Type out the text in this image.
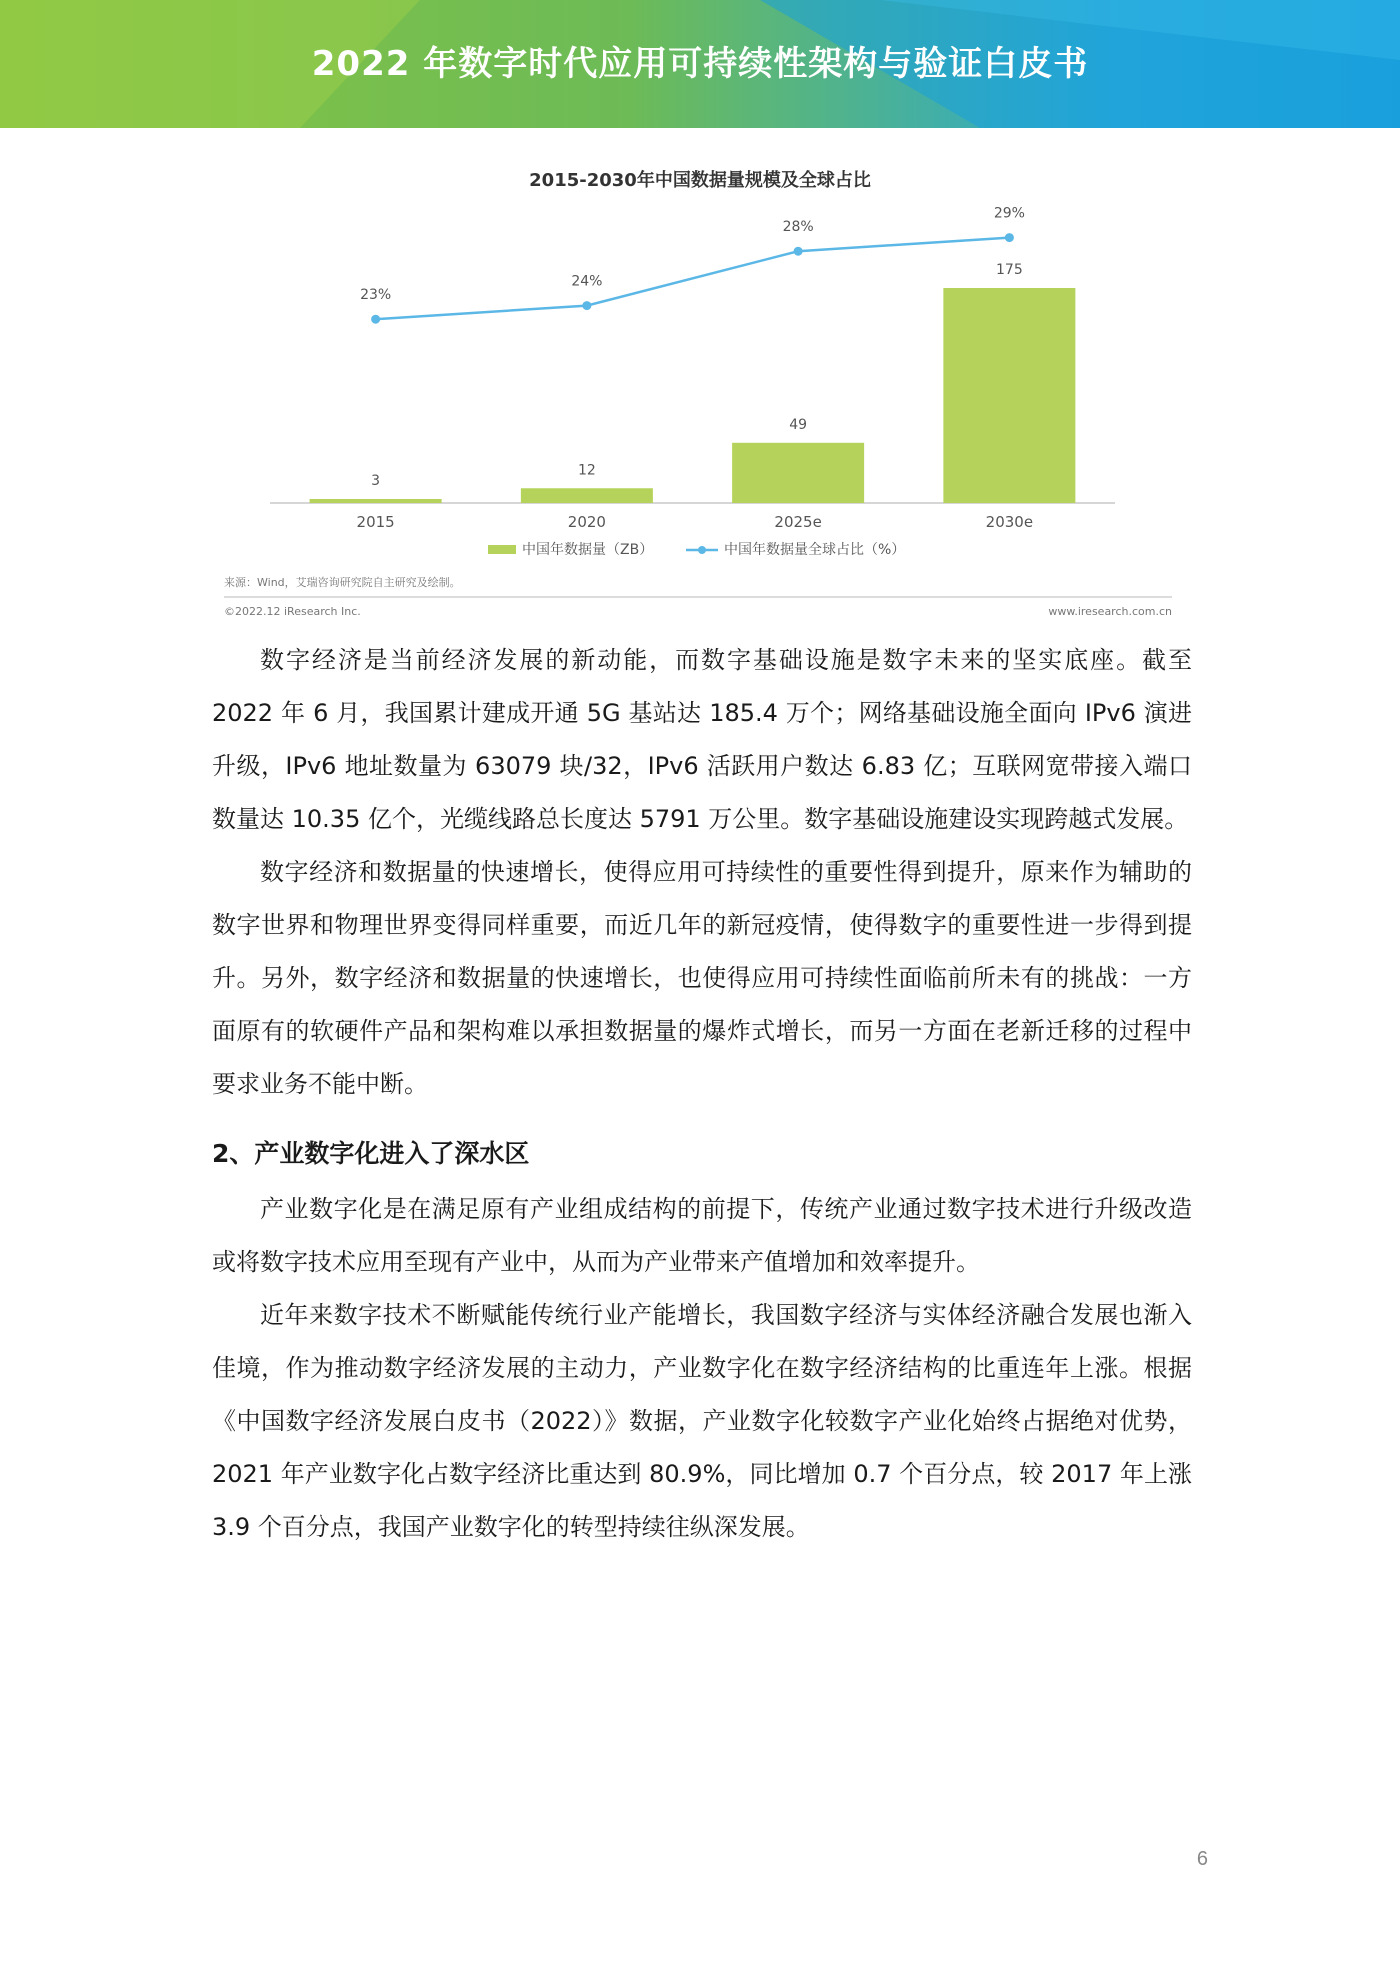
2022 年数字时代应用可持续性架构与验证白皮书
2015-2030年中国数据量规模及全球占比
3
2015
12
2020
49
2025e
175
2030e
23%
24%
28%
29%
中国年数据量（ZB）	中国年数据量全球占比（%）
来源：Wind，艾瑞咨询研究院自主研究及绘制。
©2022.12 iResearch Inc.	www.iresearch.com.cn

数字经济是当前经济发展的新动能，而数字基础设施是数字未来的坚实底座。截至 2022 年 6 月，我国累计建成开通 5G 基站达 185.4 万个；网络基础设施全面向 IPv6 演进升级，IPv6 地址数量为 63079 块/32，IPv6 活跃用户数达 6.83 亿；互联网宽带接入端口数量达 10.35 亿个，光缆线路总长度达 5791 万公里。数字基础设施建设实现跨越式发展。

数字经济和数据量的快速增长，使得应用可持续性的重要性得到提升，原来作为辅助的数字世界和物理世界变得同样重要，而近几年的新冠疫情，使得数字的重要性进一步得到提升。另外，数字经济和数据量的快速增长，也使得应用可持续性面临前所未有的挑战：一方面原有的软硬件产品和架构难以承担数据量的爆炸式增长，而另一方面在老新迁移的过程中要求业务不能中断。

2、产业数字化进入了深水区

产业数字化是在满足原有产业组成结构的前提下，传统产业通过数字技术进行升级改造或将数字技术应用至现有产业中，从而为产业带来产值增加和效率提升。

近年来数字技术不断赋能传统行业产能增长，我国数字经济与实体经济融合发展也渐入佳境，作为推动数字经济发展的主动力，产业数字化在数字经济结构的比重连年上涨。根据《中国数字经济发展白皮书（2022）》数据，产业数字化较数字产业化始终占据绝对优势，2021 年产业数字化占数字经济比重达到 80.9%，同比增加 0.7 个百分点，较 2017 年上涨 3.9 个百分点，我国产业数字化的转型持续往纵深发展。

6
